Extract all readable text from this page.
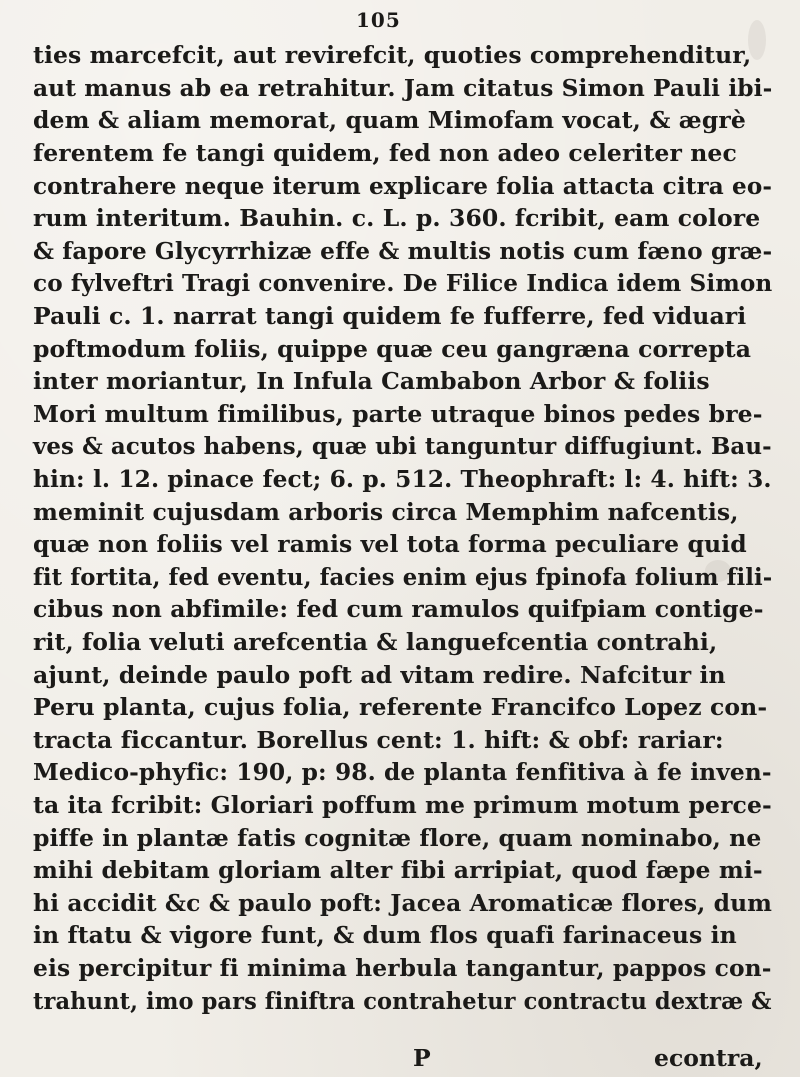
105
ties marcefcit, aut revirefcit, quoties comprehenditur,
aut manus ab ea retrahitur. Jam citatus Simon Pauli ibi-
dem & aliam memorat, quam Mimofam vocat, & ægrè
ferentem fe tangi quidem, fed non adeo celeriter nec
contrahere neque iterum explicare folia attacta citra eo-
rum interitum. Bauhin. c. L. p. 360. fcribit, eam colore
& fapore Glycyrrhizæ effe & multis notis cum fæno græ-
co fylveftri Tragi convenire. De Filice Indica idem Simon
Pauli c. 1. narrat tangi quidem fe fufferre, fed viduari
poftmodum foliis, quippe quæ ceu gangræna correpta
inter moriantur, In Infula Cambabon Arbor & foliis
Mori multum fimilibus, parte utraque binos pedes bre-
ves & acutos habens, quæ ubi tanguntur diffugiunt. Bau-
hin: l. 12. pinace fect; 6. p. 512. Theophraft: l: 4. hift: 3.
meminit cujusdam arboris circa Memphim nafcentis,
quæ non foliis vel ramis vel tota forma peculiare quid
fit fortita, fed eventu, facies enim ejus fpinofa folium fili-
cibus non abfimile: fed cum ramulos quifpiam contige-
rit, folia veluti arefcentia & languefcentia contrahi,
ajunt, deinde paulo poft ad vitam redire. Nafcitur in
Peru planta, cujus folia, referente Francifco Lopez con-
tracta ficcantur. Borellus cent: 1. hift: & obf: rariar:
Medico-phyfic: 190, p: 98. de planta fenfitiva à fe inven-
ta ita fcribit: Gloriari poffum me primum motum perce-
piffe in plantæ fatis cognitæ flore, quam nominabo, ne
mihi debitam gloriam alter fibi arripiat, quod fæpe mi-
hi accidit &c & paulo poft: Jacea Aromaticæ flores, dum
in ftatu & vigore funt, & dum flos quafi farinaceus in
eis percipitur fi minima herbula tangantur, pappos con-
trahunt, imo pars finiftra contrahetur contractu dextræ &
P	econtra,
